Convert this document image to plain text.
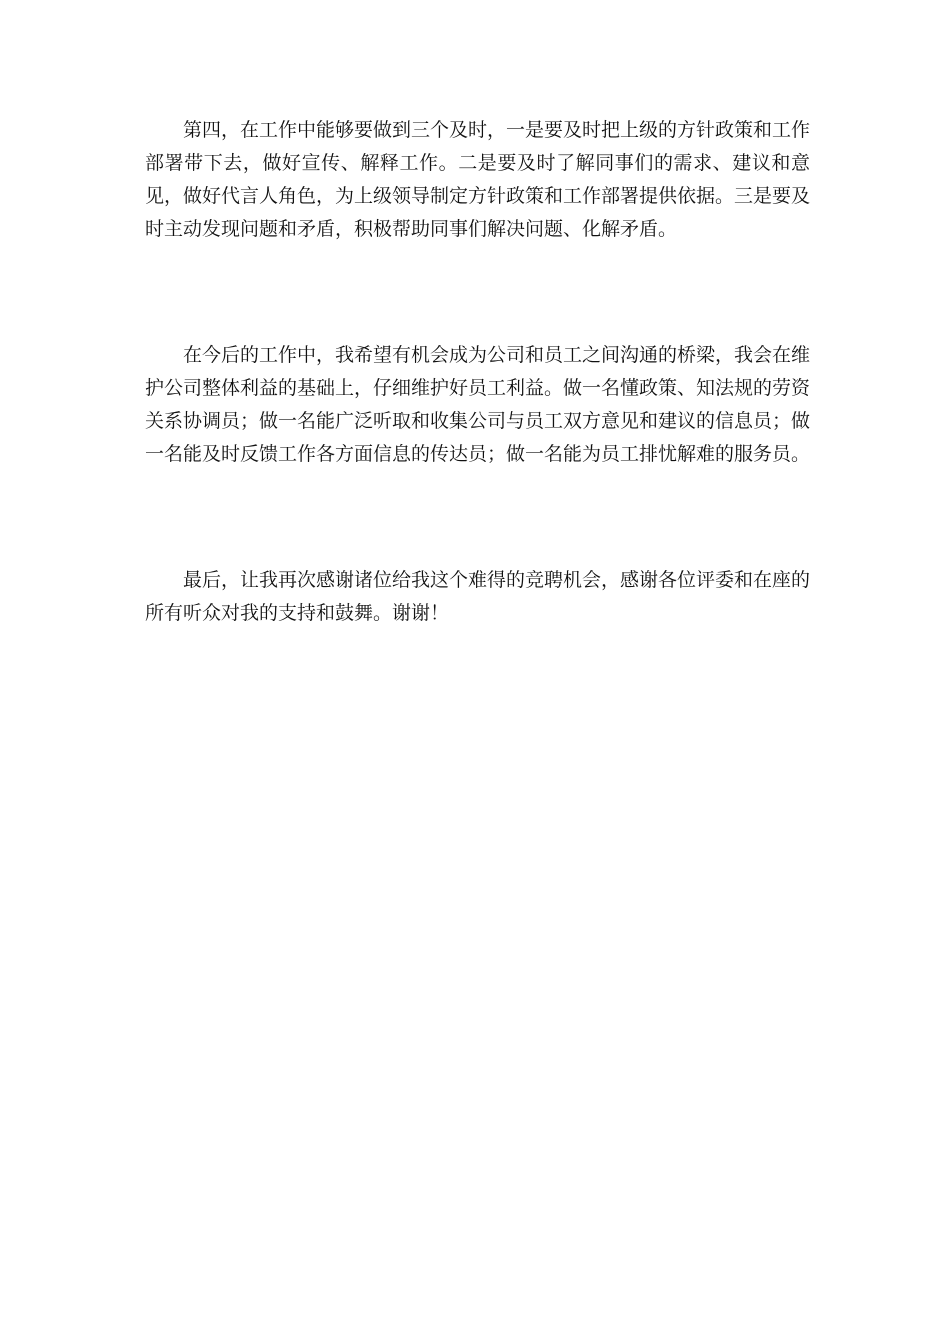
第四，在工作中能够要做到三个及时，一是要及时把上级的方针政策和工作部署带下去，做好宣传、解释工作。二是要及时了解同事们的需求、建议和意见，做好代言人角色，为上级领导制定方针政策和工作部署提供依据。三是要及时主动发现问题和矛盾，积极帮助同事们解决问题、化解矛盾。

在今后的工作中，我希望有机会成为公司和员工之间沟通的桥梁，我会在维护公司整体利益的基础上，仔细维护好员工利益。做一名懂政策、知法规的劳资关系协调员；做一名能广泛听取和收集公司与员工双方意见和建议的信息员；做一名能及时反馈工作各方面信息的传达员；做一名能为员工排忧解难的服务员。

最后，让我再次感谢诸位给我这个难得的竞聘机会，感谢各位评委和在座的所有听众对我的支持和鼓舞。谢谢！
